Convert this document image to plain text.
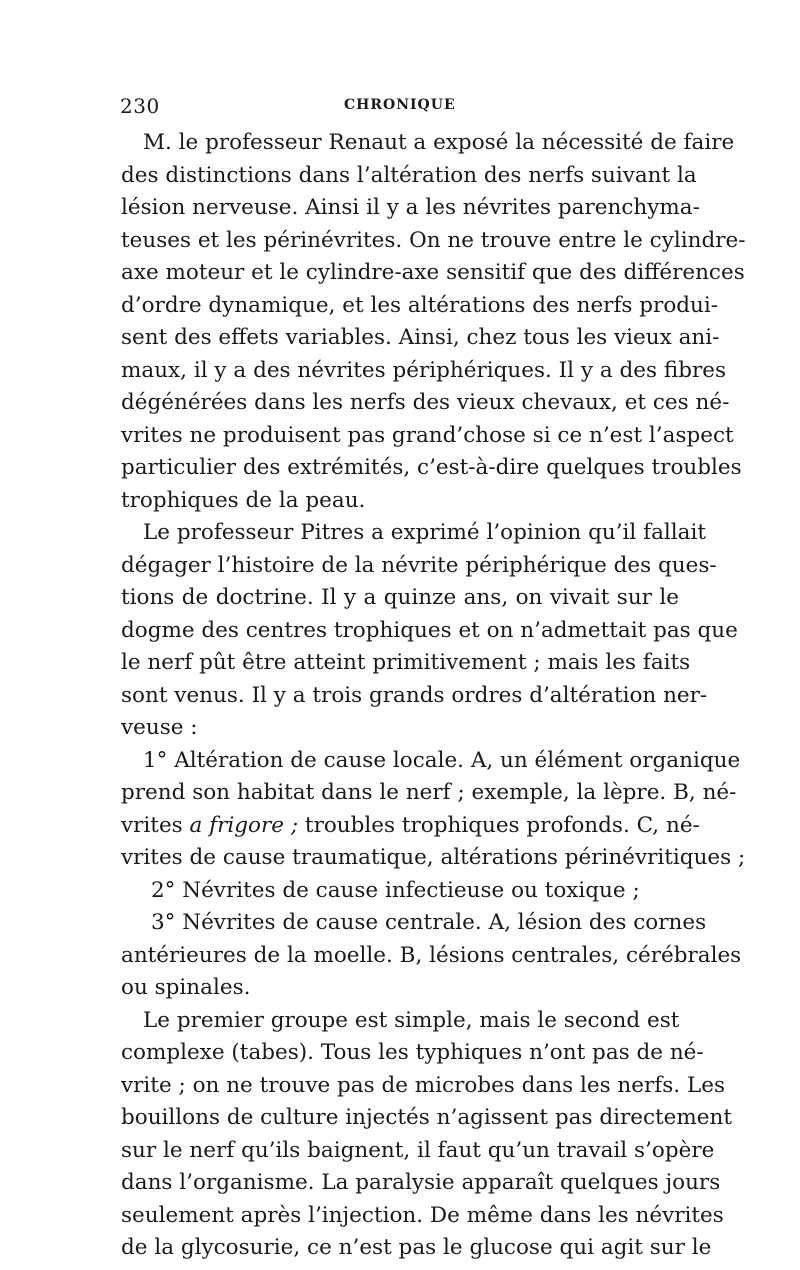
230	CHRONIQUE
M. le professeur Renaut a exposé la nécessité de faire
des distinctions dans l’altération des nerfs suivant la
lésion nerveuse. Ainsi il y a les névrites parenchyma-
teuses et les périnévrites. On ne trouve entre le cylindre-
axe moteur et le cylindre-axe sensitif que des différences
d’ordre dynamique, et les altérations des nerfs produi-
sent des effets variables. Ainsi, chez tous les vieux ani-
maux, il y a des névrites périphériques. Il y a des fibres
dégénérées dans les nerfs des vieux chevaux, et ces né-
vrites ne produisent pas grand’chose si ce n’est l’aspect
particulier des extrémités, c’est-à-dire quelques troubles
trophiques de la peau.
Le professeur Pitres a exprimé l’opinion qu’il fallait
dégager l’histoire de la névrite périphérique des ques-
tions de doctrine. Il y a quinze ans, on vivait sur le
dogme des centres trophiques et on n’admettait pas que
le nerf pût être atteint primitivement ; mais les faits
sont venus. Il y a trois grands ordres d’altération ner-
veuse :
1° Altération de cause locale. A, un élément organique
prend son habitat dans le nerf ; exemple, la lèpre. B, né-
vrites a frigore ; troubles trophiques profonds. C, né-
vrites de cause traumatique, altérations périnévritiques ;
2° Névrites de cause infectieuse ou toxique ;
3° Névrites de cause centrale. A, lésion des cornes
antérieures de la moelle. B, lésions centrales, cérébrales
ou spinales.
Le premier groupe est simple, mais le second est
complexe (tabes). Tous les typhiques n’ont pas de né-
vrite ; on ne trouve pas de microbes dans les nerfs. Les
bouillons de culture injectés n’agissent pas directement
sur le nerf qu’ils baignent, il faut qu’un travail s’opère
dans l’organisme. La paralysie apparaît quelques jours
seulement après l’injection. De même dans les névrites
de la glycosurie, ce n’est pas le glucose qui agit sur le
